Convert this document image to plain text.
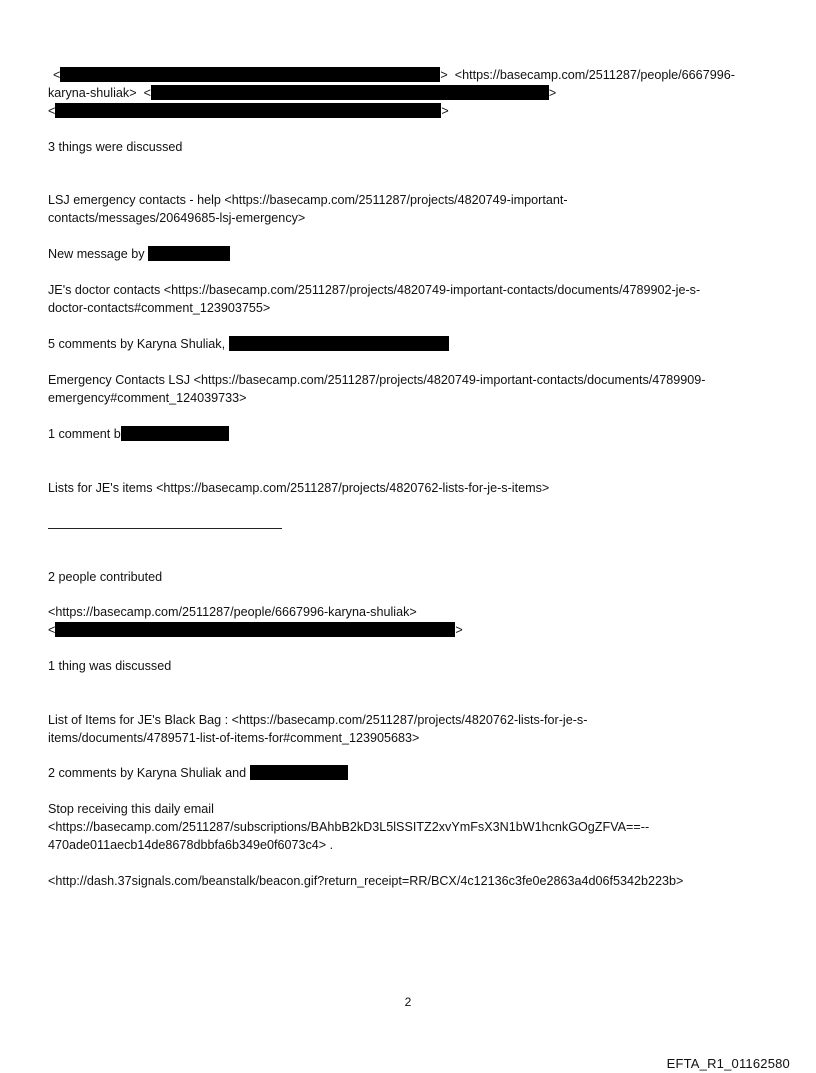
<	> <https://basecamp.com/2511287/people/6667996-
karyna-shuliak> <	>
<	>
3 things were discussed
LSJ emergency contacts - help <https://basecamp.com/2511287/projects/4820749-important-
contacts/messages/20649685-lsj-emergency>
New message by
JE's doctor contacts <https://basecamp.com/2511287/projects/4820749-important-contacts/documents/4789902-je-s-
doctor-contacts#comment_123903755>
5 comments by Karyna Shuliak,
Emergency Contacts LSJ <https://basecamp.com/2511287/projects/4820749-important-contacts/documents/4789909-
emergency#comment_124039733>
1 comment b
Lists for JE's items <https://basecamp.com/2511287/projects/4820762-lists-for-je-s-items>
2 people contributed
<https://basecamp.com/2511287/people/6667996-karyna-shuliak>
<	>
1 thing was discussed
List of Items for JE's Black Bag : <https://basecamp.com/2511287/projects/4820762-lists-for-je-s-
items/documents/4789571-list-of-items-for#comment_123905683>
2 comments by Karyna Shuliak and
Stop receiving this daily email
<https://basecamp.com/2511287/subscriptions/BAhbB2kD3L5lSSITZ2xvYmFsX3N1bW1hcnkGOgZFVA==--
470ade011aecb14de8678dbbfa6b349e0f6073c4> .
<http://dash.37signals.com/beanstalk/beacon.gif?return_receipt=RR/BCX/4c12136c3fe0e2863a4d06f5342b223b>
2
EFTA_R1_01162580
